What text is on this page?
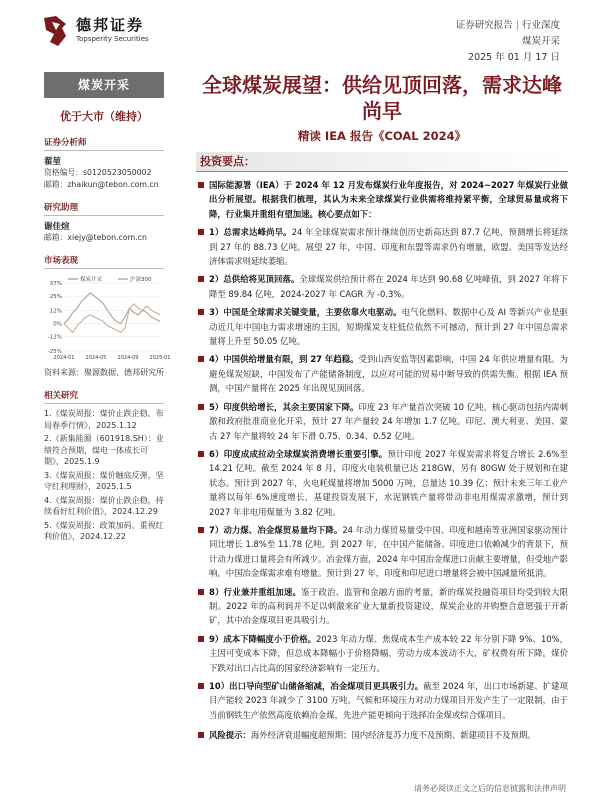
德邦证券
Topsperity Securities
证券研究报告 | 行业深度
煤炭开采
2025 年 01 月 17 日
煤炭开采
优于大市（维持）
证券分析师
翟堃
资格编号：s0120523050002
邮箱：zhaikun@tebon.com.cn
研究助理
谢佳煊
邮箱：xiejy@tebon.com.cn
市场表现
37%
25%
12%
0%
-12%
-25%
2024-01 2024-05 2024-09 2025-01
煤炭开采	沪深300
资料来源：聚源数据、德邦研究所
相关研究
1.《煤炭周报：煤价止跌企稳，布局春季行情》，2025.1.12
2.《新集能源（601918.SH）：业绩符合预期，煤电一体成长可期》，2025.1.9
3.《煤炭周报：煤价触底反弹，坚守红利理财》，2025.1.5
4.《煤炭周报：煤价止跌企稳，持续看好红利价值》，2024.12.29
5.《煤炭周报：政策加码，重视红利价值》，2024.12.22
全球煤炭展望：供给见顶回落，需求达峰尚早
精读 IEA 报告《COAL 2024》
投资要点：
国际能源署（IEA）于 2024 年 12 月发布煤炭行业年度报告，对 2024~2027 年煤炭行业做出分析展望。根据我们梳理，其认为未来全球煤炭行业供需将维持紧平衡，全球贸易量或将下降，行业集并重组有望加速。核心要点如下：
1）总需求达峰尚早。24 年全球煤炭需求预计继续创历史新高达到 87.7 亿吨，预测增长将延续到 27 年的 88.73 亿吨。展望 27 年，中国、印度和东盟等需求仍有增量，欧盟、美国等发达经济体需求则延续萎缩。
2）总供给将见顶回落。全球煤炭供给预计将在 2024 年达到 90.68 亿吨峰值，到 2027 年将下降至 89.84 亿吨，2024-2027 年 CAGR 为 -0.3%。
3）中国是全球需求关键变量，主要依靠火电驱动。电气化燃料、数据中心及 AI 等新兴产业是驱动近几年中国电力需求增速的主因，短期煤炭支柱低位依然不可撼动，预计到 27 年中国总需求量将上升至 50.05 亿吨。
4）中国供给增量有限，到 27 年趋稳。受到山西安监等因素影响，中国 24 年供应增量有限。为避免煤炭短缺，中国发布了产能储备制度，以应对可能的贸易中断导致的供需失衡。根据 IEA 预测，中国产量将在 2025 年出现见顶回落。
5）印度供给增长，其余主要国家下降。印度 23 年产量首次突破 10 亿吨，核心驱动包括内需刺激和政府批准商业化开采，预计 27 年产量较 24 年增加 1.7 亿吨。印尼、澳大利亚、美国、蒙古 27 年产量将较 24 年下滑 0.75、0.34、0.52 亿吨。
6）印度成成拉动全球煤炭消费增长重要引擎。预计印度 2027 年煤炭需求将复合增长 2.6%至 14.21 亿吨。截至 2024 年 8 月，印度火电装机量已达 218GW，另有 80GW 处于规划和在建状态。预计到 2027 年，火电耗煤量将增加 5000 万吨，总量达 10.39 亿；预计未来三年工业产量将以每年 6%速度增长，基建投资发展下，水泥钢铁产量将带动非电用煤需求激增，预计到 2027 年非电用煤量为 3.82 亿吨。
7）动力煤、冶金煤贸易量均下降。24 年动力煤贸易量受中国、印度和越南等亚洲国家驱动预计同比增长 1.8%至 11.78 亿吨。到 2027 年，在中国产能储备、印度进口依赖减少的背景下，预计动力煤进口量将会有所减少。冶金煤方面，2024 年中国冶金煤进口贡献主要增量，但受地产影响，中国冶金煤需求难有增量。预计到 27 年，印度和印尼进口增量将会被中国减量所抵消。
8）行业兼并重组加速。鉴于政治、监管和金融方面的考量，新的煤炭投融资项目均受到较大限制。2022 年的高利润并不足以刺激来矿业大量新投资建设，煤炭企业的并购整合意愿强于开新矿，其中冶金煤项目更具吸引力。
9）成本下降幅度小于价格。2023 年动力煤、焦煤成本生产成本较 22 年分别下降 9%、10%，主因可变成本下降，但总成本降幅小于价格降幅，劳动力成本波动不大，矿权费有所下降。煤价下跌对出口占比高的国家经济影响有一定压力。
10）出口导向型矿山储备缩减，冶金煤项目更具吸引力。截至 2024 年，出口市场新建、扩建项目产能较 2023 年减少了 3100 万吨。气候和环境压力对动力煤项目开发产生了一定限制，由于当前钢铁生产依然高度依赖冶金煤，先进产能更倾向于选择冶金煤或综合煤项目。
风险提示：海外经济衰退幅度超预期；国内经济复苏力度不及预期、新建项目不及预期。
请务必阅读正文之后的信息披露和法律声明
